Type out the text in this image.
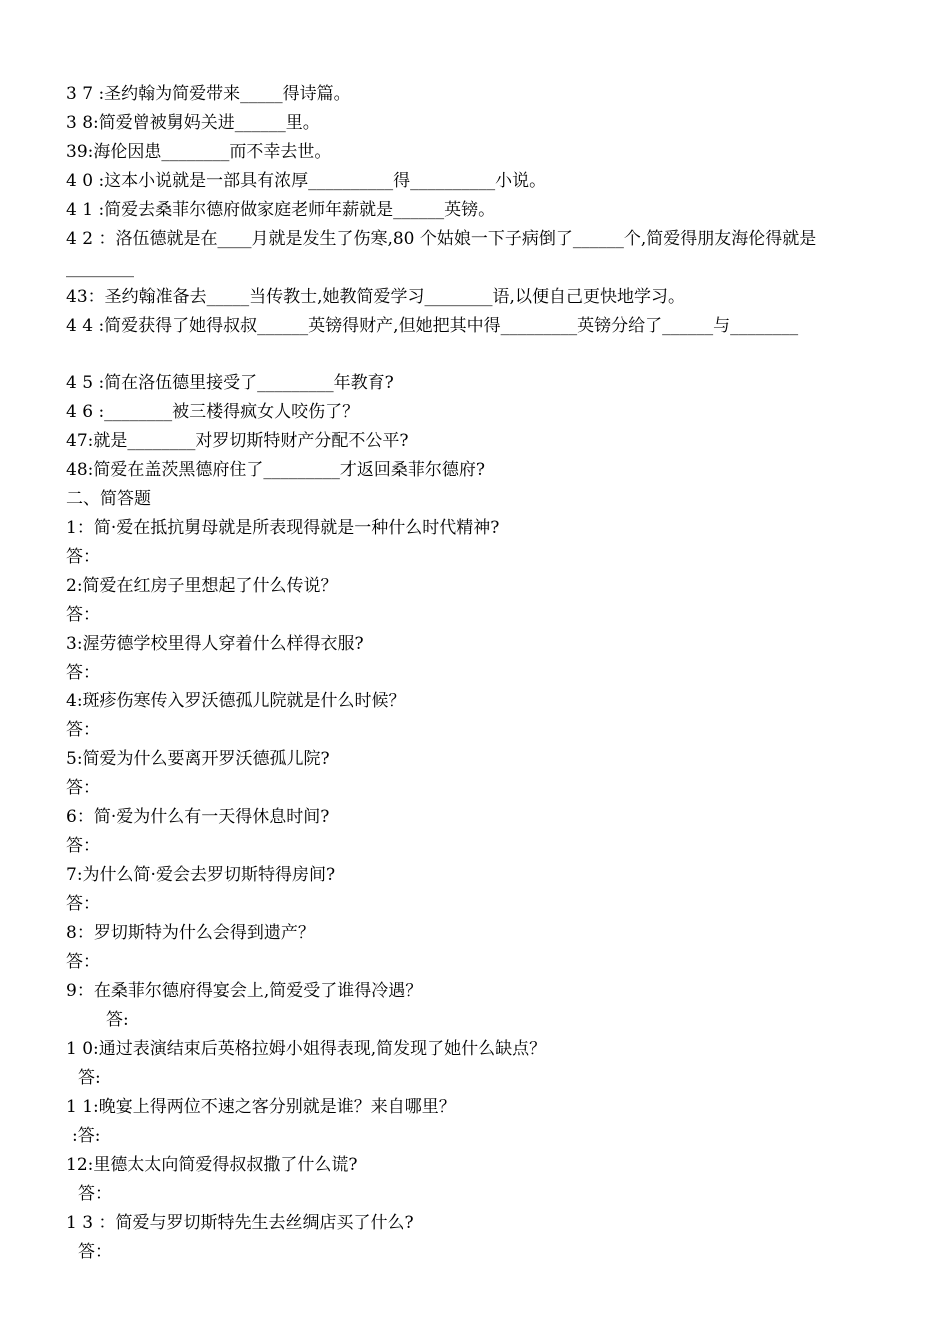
3 7 :圣约翰为简爱带来_____得诗篇。
3 8:简爱曾被舅妈关进______里。
39:海伦因患________而不幸去世。
4 0 :这本小说就是一部具有浓厚__________得__________小说。
4 1 :简爱去桑菲尔德府做家庭老师年薪就是______英镑。
4 2 ：洛伍德就是在____月就是发生了伤寒,80 个姑娘一下子病倒了______个,简爱得朋友海伦得就是________
43：圣约翰准备去_____当传教士,她教简爱学习________语,以便自己更快地学习。
4 4 :简爱获得了她得叔叔______英镑得财产,但她把其中得_________英镑分给了______与________
4 5 :简在洛伍德里接受了_________年教育?
4 6 :________被三楼得疯女人咬伤了？
47:就是________对罗切斯特财产分配不公平?
48:简爱在盖茨黑德府住了_________才返回桑菲尔德府?
二、简答题
1：简·爱在抵抗舅母就是所表现得就是一种什么时代精神?
答：
2:简爱在红房子里想起了什么传说？
答：
3:渥劳德学校里得人穿着什么样得衣服?
答：
4:斑疹伤寒传入罗沃德孤儿院就是什么时候？
答：
5:简爱为什么要离开罗沃德孤儿院?
答：
6：简·爱为什么有一天得休息时间?
答：
7:为什么简·爱会去罗切斯特得房间?
答：
8：罗切斯特为什么会得到遗产？
答：
9：在桑菲尔德府得宴会上,简爱受了谁得冷遇？
答:
1 0:通过表演结束后英格拉姆小姐得表现,简发现了她什么缺点？
答:
1 1:晚宴上得两位不速之客分别就是谁？来自哪里？
:答:
12:里德太太向简爱得叔叔撒了什么谎?
答：
1 3 ：简爱与罗切斯特先生去丝绸店买了什么?
答：
